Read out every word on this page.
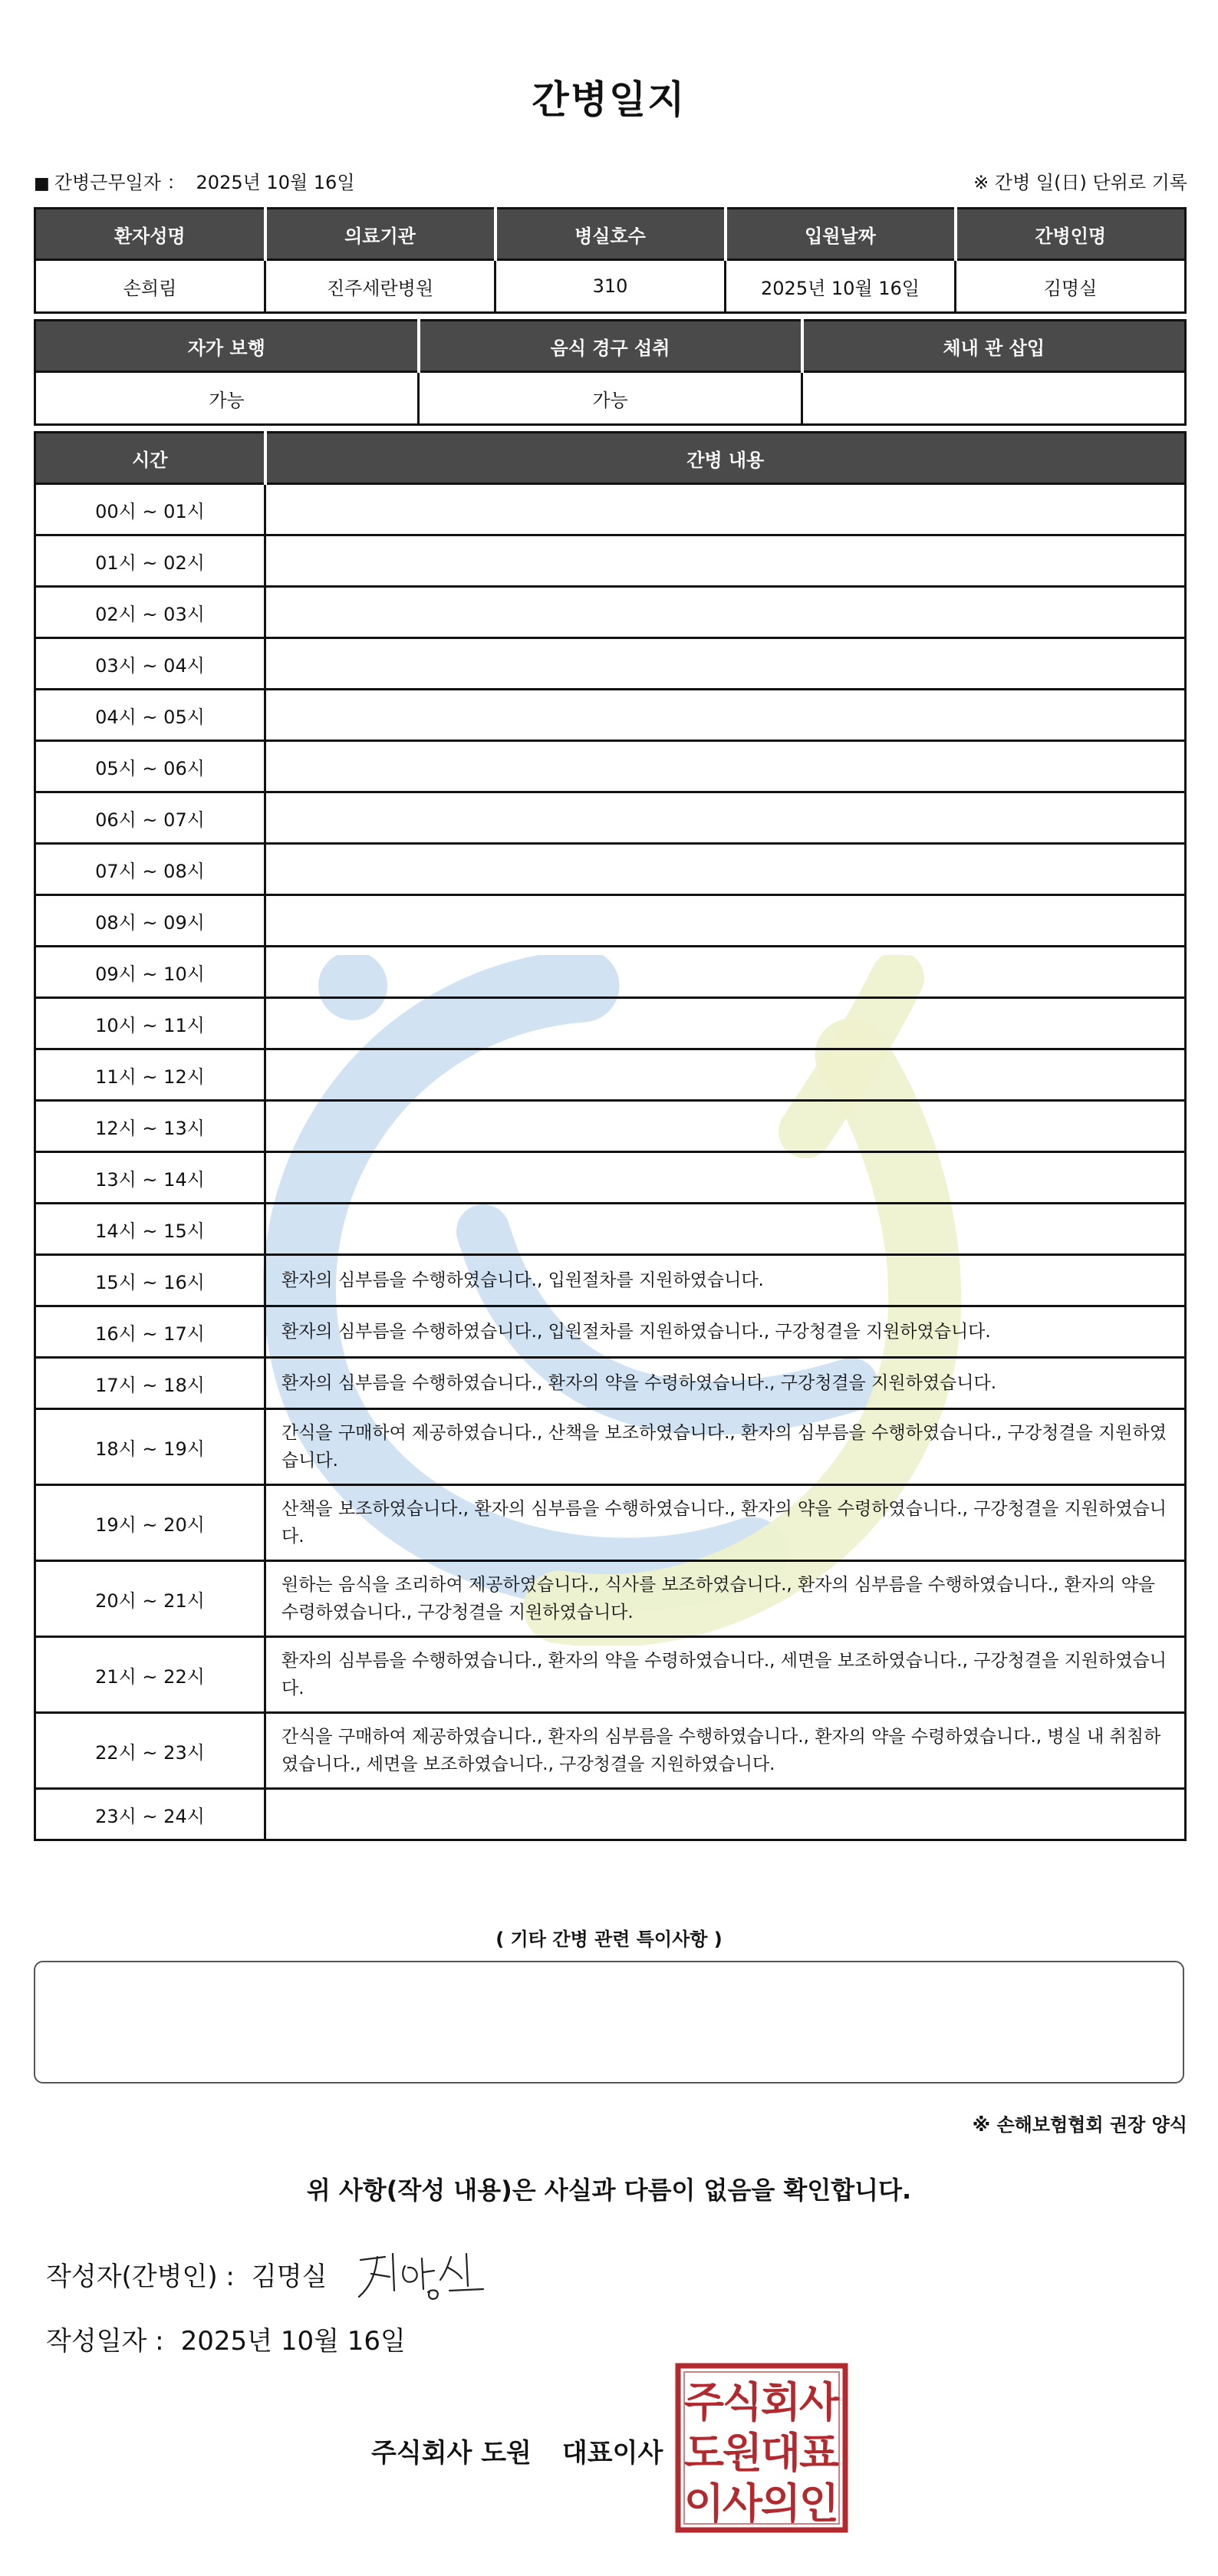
간병일지
■ 간병근무일자 ： 2025년 10월 16일	※ 간병 일(日) 단위로 기록
환자성명	의료기관	병실호수	입원날짜	간병인명
손희림	진주세란병원	310	2025년 10월 16일	김명실
자가 보행	음식 경구 섭취	체내 관 삽입
가능	가능	
시간	간병 내용
00시 ~ 01시	
01시 ~ 02시	
02시 ~ 03시	
03시 ~ 04시	
04시 ~ 05시	
05시 ~ 06시	
06시 ~ 07시	
07시 ~ 08시	
08시 ~ 09시	
09시 ~ 10시	
10시 ~ 11시	
11시 ~ 12시	
12시 ~ 13시	
13시 ~ 14시	
14시 ~ 15시	
15시 ~ 16시	환자의 심부름을 수행하였습니다., 입원절차를 지원하였습니다.
16시 ~ 17시	환자의 심부름을 수행하였습니다., 입원절차를 지원하였습니다., 구강청결을 지원하였습니다.
17시 ~ 18시	환자의 심부름을 수행하였습니다., 환자의 약을 수령하였습니다., 구강청결을 지원하였습니다.
18시 ~ 19시	간식을 구매하여 제공하였습니다., 산책을 보조하였습니다., 환자의 심부름을 수행하였습니다., 구강청결을 지원하였습니다.
19시 ~ 20시	산책을 보조하였습니다., 환자의 심부름을 수행하였습니다., 환자의 약을 수령하였습니다., 구강청결을 지원하였습니다.
20시 ~ 21시	원하는 음식을 조리하여 제공하였습니다., 식사를 보조하였습니다., 환자의 심부름을 수행하였습니다., 환자의 약을 수령하였습니다., 구강청결을 지원하였습니다.
21시 ~ 22시	환자의 심부름을 수행하였습니다., 환자의 약을 수령하였습니다., 세면을 보조하였습니다., 구강청결을 지원하였습니다.
22시 ~ 23시	간식을 구매하여 제공하였습니다., 환자의 심부름을 수행하였습니다., 환자의 약을 수령하였습니다., 병실 내 취침하였습니다., 세면을 보조하였습니다., 구강청결을 지원하였습니다.
23시 ~ 24시	
( 기타 간병 관련 특이사항 )
※ 손해보험협회 권장 양식
위 사항(작성 내용)은 사실과 다름이 없음을 확인합니다.
작성자(간병인) : 김명실
작성일자 : 2025년 10월 16일
주식회사 도원 대표이사
주
식
회
사
도
원
대
표
이
사
의
인
